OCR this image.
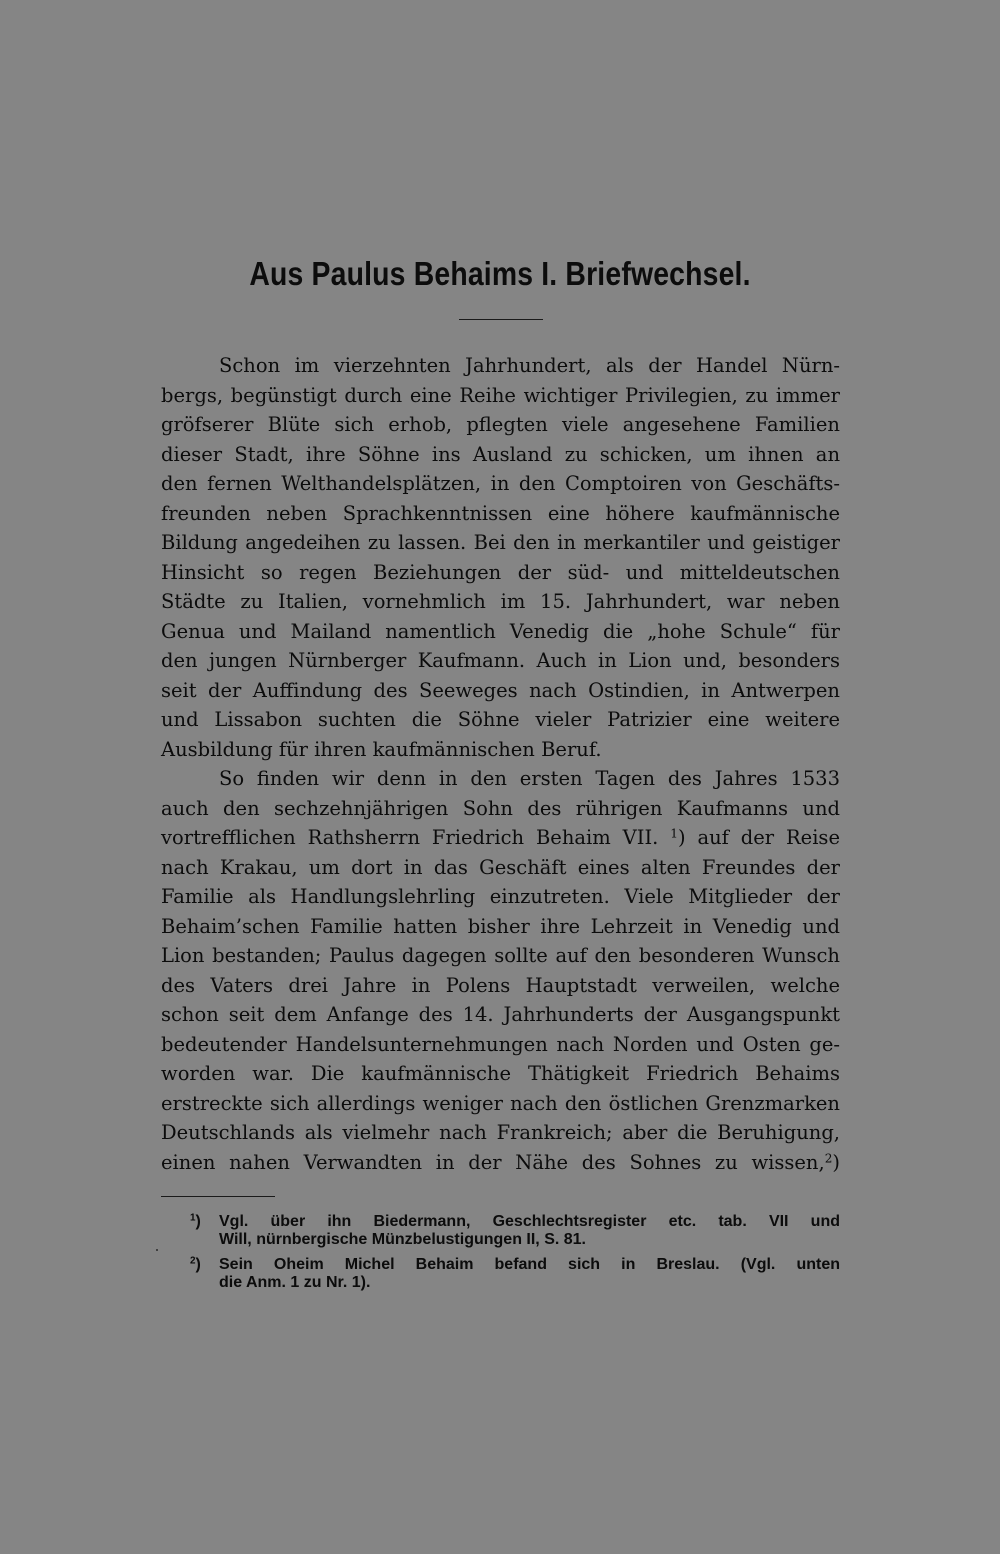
Aus Paulus Behaims I. Briefwechsel.
Schon im vierzehnten Jahrhundert, als der Handel Nürn-
bergs, begünstigt durch eine Reihe wichtiger Privilegien, zu immer
gröfserer Blüte sich erhob, pflegten viele angesehene Familien
dieser Stadt, ihre Söhne ins Ausland zu schicken, um ihnen an
den fernen Welthandelsplätzen, in den Comptoiren von Geschäfts-
freunden neben Sprachkenntnissen eine höhere kaufmännische
Bildung angedeihen zu lassen. Bei den in merkantiler und geistiger
Hinsicht so regen Beziehungen der süd- und mitteldeutschen
Städte zu Italien, vornehmlich im 15. Jahrhundert, war neben
Genua und Mailand namentlich Venedig die „hohe Schule“ für
den jungen Nürnberger Kaufmann. Auch in Lion und, besonders
seit der Auffindung des Seeweges nach Ostindien, in Antwerpen
und Lissabon suchten die Söhne vieler Patrizier eine weitere
Ausbildung für ihren kaufmännischen Beruf.
So finden wir denn in den ersten Tagen des Jahres 1533
auch den sechzehnjährigen Sohn des rührigen Kaufmanns und
vortrefflichen Rathsherrn Friedrich Behaim VII. $^1$) auf der Reise
nach Krakau, um dort in das Geschäft eines alten Freundes der
Familie als Handlungslehrling einzutreten. Viele Mitglieder der
Behaim’schen Familie hatten bisher ihre Lehrzeit in Venedig und
Lion bestanden; Paulus dagegen sollte auf den besonderen Wunsch
des Vaters drei Jahre in Polens Hauptstadt verweilen, welche
schon seit dem Anfange des 14. Jahrhunderts der Ausgangspunkt
bedeutender Handelsunternehmungen nach Norden und Osten ge-
worden war. Die kaufmännische Thätigkeit Friedrich Behaims
erstreckte sich allerdings weniger nach den östlichen Grenzmarken
Deutschlands als vielmehr nach Frankreich; aber die Beruhigung,
einen nahen Verwandten in der Nähe des Sohnes zu wissen,$^2$)
$^1$) Vgl. über ihn Biedermann, Geschlechtsregister etc. tab. VII und
Will, nürnbergische Münzbelustigungen II, S. 81.
$^2$) Sein Oheim Michel Behaim befand sich in Breslau. (Vgl. unten
die Anm. 1 zu Nr. 1).
